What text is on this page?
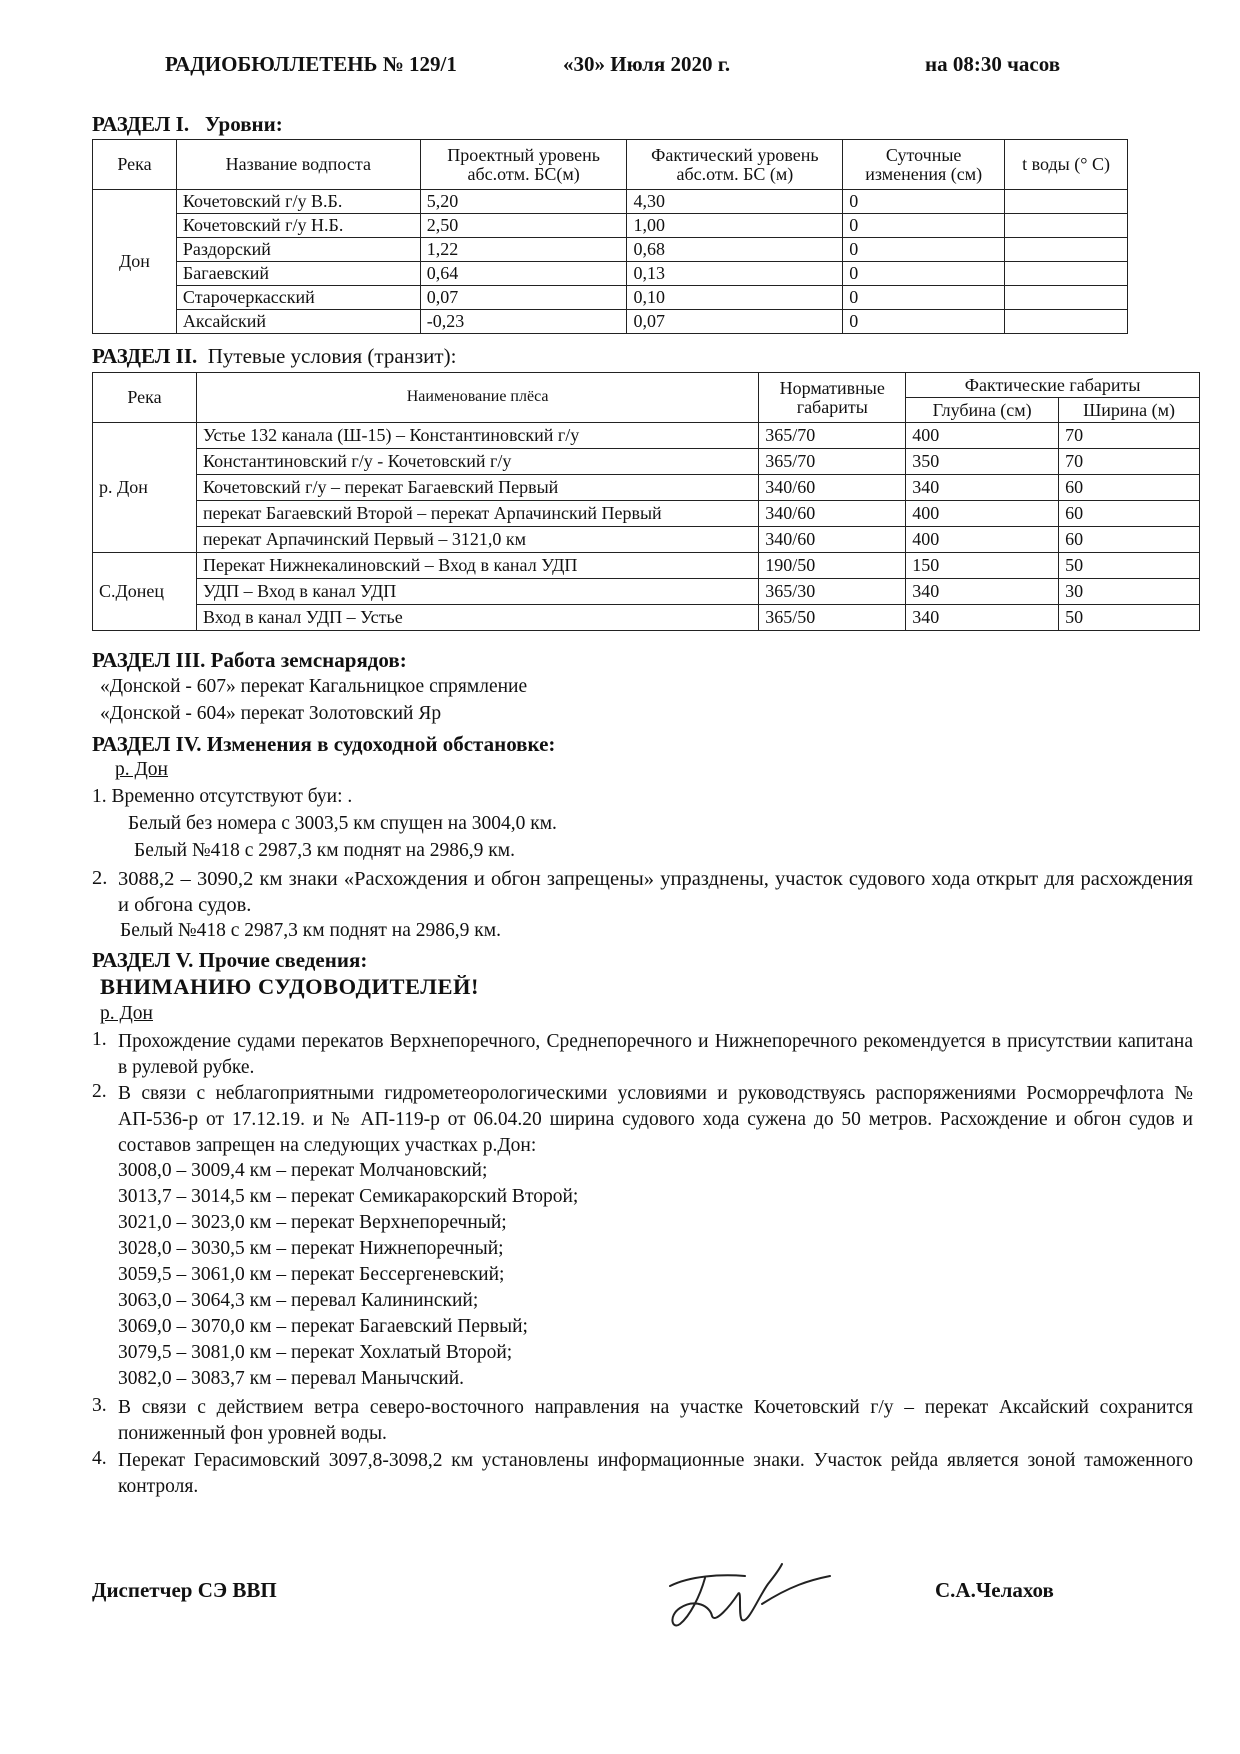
РАДИОБЮЛЛЕТЕНЬ № 129/1	«30» Июля 2020 г.	на 08:30 часов
РАЗДЕЛ I. Уровни:
Река	Название водпоста	Проектный уровень абс.отм. БС(м)	Фактический уровень абс.отм. БС (м)	Суточные изменения (см)	t воды (° С)
Дон	Кочетовский г/у В.Б.	5,20	4,30	0	
	Кочетовский г/у Н.Б.	2,50	1,00	0	
	Раздорский	1,22	0,68	0	
	Багаевский	0,64	0,13	0	
	Старочеркасский	0,07	0,10	0	
	Аксайский	-0,23	0,07	0	
РАЗДЕЛ II. Путевые условия (транзит):
Река	Наименование плёса	Нормативные габариты	Фактические габариты	
			Глубина (см)	Ширина (м)
р. Дон	Устье 132 канала (Ш-15) – Константиновский г/у	365/70	400	70
	Константиновский г/у - Кочетовский г/у	365/70	350	70
	Кочетовский г/у – перекат Багаевский Первый	340/60	340	60
	перекат Багаевский Второй – перекат Арпачинский Первый	340/60	400	60
	перекат Арпачинский Первый – 3121,0 км	340/60	400	60
С.Донец	Перекат Нижнекалиновский – Вход в канал УДП	190/50	150	50
	УДП – Вход в канал УДП	365/30	340	30
	Вход в канал УДП – Устье	365/50	340	50
РАЗДЕЛ III. Работа земснарядов:
«Донской - 607» перекат Кагальницкое спрямление
«Донской - 604» перекат Золотовский Яр
РАЗДЕЛ IV. Изменения в судоходной обстановке:
р. Дон
1. Временно отсутствуют буи: .
Белый без номера с 3003,5 км спущен на 3004,0 км.
Белый №418 с 2987,3 км поднят на 2986,9 км.
2. 3088,2 – 3090,2 км знаки «Расхождения и обгон запрещены» упразднены, участок судового хода открыт для расхождения и обгона судов.
Белый №418 с 2987,3 км поднят на 2986,9 км.
РАЗДЕЛ V. Прочие сведения:
ВНИМАНИЮ СУДОВОДИТЕЛЕЙ!
р. Дон
1. Прохождение судами перекатов Верхнепоречного, Среднепоречного и Нижнепоречного рекомендуется в присутствии капитана в рулевой рубке.
2. В связи с неблагоприятными гидрометеорологическими условиями и руководствуясь распоряжениями Росморречфлота № АП-536-р от 17.12.19. и № АП-119-р от 06.04.20 ширина судового хода сужена до 50 метров. Расхождение и обгон судов и составов запрещен на следующих участках р.Дон:
3008,0 – 3009,4 км – перекат Молчановский;
3013,7 – 3014,5 км – перекат Семикаракорский Второй;
3021,0 – 3023,0 км – перекат Верхнепоречный;
3028,0 – 3030,5 км – перекат Нижнепоречный;
3059,5 – 3061,0 км – перекат Бессергеневский;
3063,0 – 3064,3 км – перевал Калининский;
3069,0 – 3070,0 км – перекат Багаевский Первый;
3079,5 – 3081,0 км – перекат Хохлатый Второй;
3082,0 – 3083,7 км – перевал Манычский.
3. В связи с действием ветра северо-восточного направления на участке Кочетовский г/у – перекат Аксайский сохранится пониженный фон уровней воды.
4. Перекат Герасимовский 3097,8-3098,2 км установлены информационные знаки. Участок рейда является зоной таможенного контроля.
Диспетчер СЭ ВВП	С.А.Челахов
